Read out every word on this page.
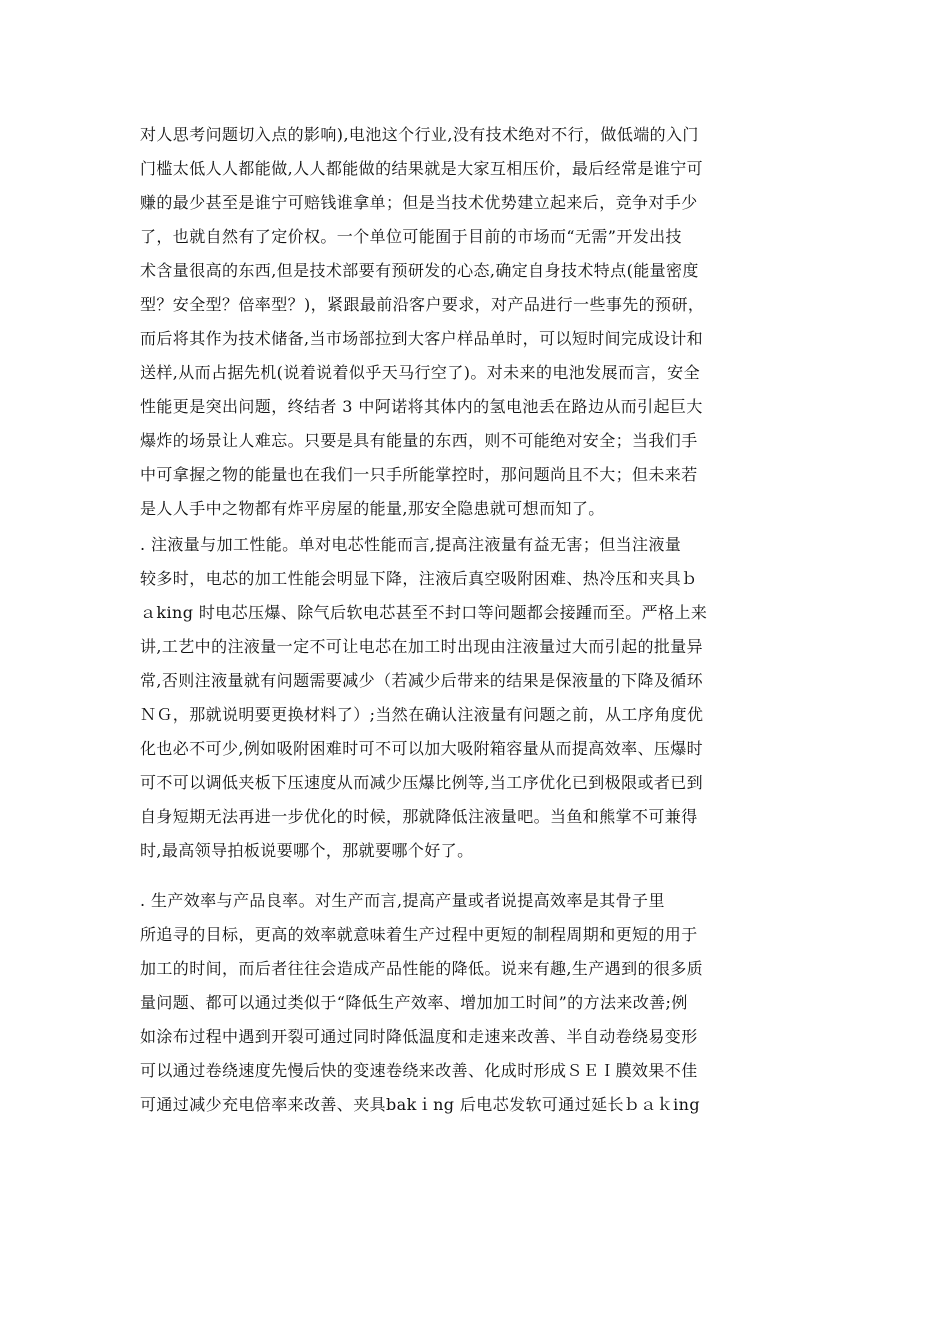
对人思考问题切入点的影响),电池这个行业,没有技术绝对不行，做低端的入门
门槛太低人人都能做,人人都能做的结果就是大家互相压价，最后经常是谁宁可
赚的最少甚至是谁宁可赔钱谁拿单；但是当技术优势建立起来后，竞争对手少
了，也就自然有了定价权。一个单位可能囿于目前的市场而“无需”开发出技
术含量很高的东西,但是技术部要有预研发的心态,确定自身技术特点(能量密度
型？安全型？倍率型？)，紧跟最前沿客户要求，对产品进行一些事先的预研，
而后将其作为技术储备,当市场部拉到大客户样品单时，可以短时间完成设计和
送样,从而占据先机(说着说着似乎天马行空了)。对未来的电池发展而言，安全
性能更是突出问题，终结者 3 中阿诺将其体内的氢电池丢在路边从而引起巨大
爆炸的场景让人难忘。只要是具有能量的东西，则不可能绝对安全；当我们手
中可拿握之物的能量也在我们一只手所能掌控时，那问题尚且不大；但未来若
是人人手中之物都有炸平房屋的能量,那安全隐患就可想而知了。
. 注液量与加工性能。单对电芯性能而言,提高注液量有益无害；但当注液量
较多时，电芯的加工性能会明显下降，注液后真空吸附困难、热冷压和夹具ｂ
ａking 时电芯压爆、除气后软电芯甚至不封口等问题都会接踵而至。严格上来
讲,工艺中的注液量一定不可让电芯在加工时出现由注液量过大而引起的批量异
常,否则注液量就有问题需要减少（若减少后带来的结果是保液量的下降及循环
ＮＧ，那就说明要更换材料了）;当然在确认注液量有问题之前，从工序角度优
化也必不可少,例如吸附困难时可不可以加大吸附箱容量从而提高效率、压爆时
可不可以调低夹板下压速度从而减少压爆比例等,当工序优化已到极限或者已到
自身短期无法再进一步优化的时候，那就降低注液量吧。当鱼和熊掌不可兼得
时,最高领导拍板说要哪个，那就要哪个好了。
. 生产效率与产品良率。对生产而言,提高产量或者说提高效率是其骨子里
所追寻的目标，更高的效率就意味着生产过程中更短的制程周期和更短的用于
加工的时间，而后者往往会造成产品性能的降低。说来有趣,生产遇到的很多质
量问题、都可以通过类似于“降低生产效率、增加加工时间”的方法来改善;例
如涂布过程中遇到开裂可通过同时降低温度和走速来改善、半自动卷绕易变形
可以通过卷绕速度先慢后快的变速卷绕来改善、化成时形成ＳＥＩ膜效果不佳
可通过减少充电倍率来改善、夹具bakｉng 后电芯发软可通过延长ｂａｋing
